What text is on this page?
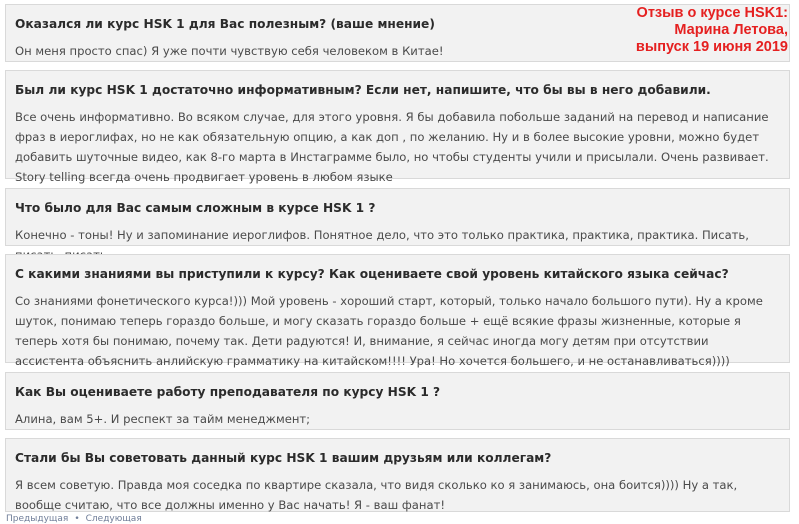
Оказался ли курс HSK 1 для Вас полезным? (ваше мнение)

Он меня просто спас) Я уже почти чувствую себя человеком в Китае!

Отзыв о курсе HSK1:
Марина Летова,
выпуск 19 июня 2019

Был ли курс HSK 1 достаточно информативным? Если нет, напишите, что бы вы в него добавили.

Все очень информативно. Во всяком случае, для этого уровня. Я бы добавила побольше заданий на перевод и написание фраз в иероглифах, но не как обязательную опцию, а как доп , по желанию. Ну и в более высокие уровни, можно будет добавить шуточные видео, как 8-го марта в Инстаграмме было, но чтобы студенты учили и присылали. Очень развивает. Story telling всегда очень продвигает уровень в любом языке

Что было для Вас самым сложным в курсе HSK 1 ?

Конечно - тоны! Ну и запоминание иероглифов. Понятное дело, что это только практика, практика, практика. Писать,

С какими знаниями вы приступили к курсу? Как оцениваете свой уровень китайского языка сейчас?

Со знаниями фонетического курса!))) Мой уровень - хороший старт, который, только начало большого пути). Ну а кроме шуток, понимаю теперь гораздо больше, и могу сказать гораздо больше + ещё всякие фразы жизненные, которые я теперь хотя бы понимаю, почему так. Дети радуются! И, внимание, я сейчас иногда могу детям при отсутствии ассистента объяснить анлийскую грамматику на китайском!!!! Ура! Но хочется большего, и не останавливаться))))

Как Вы оцениваете работу преподавателя по курсу HSK 1 ?

Алина, вам 5+. И респект за тайм менеджмент;

Стали бы Вы советовать данный курс HSK 1 вашим друзьям или коллегам?

Я всем советую. Правда моя соседка по квартире сказала, что видя сколько ко я занимаюсь, она боится)))) Ну а так, вообще считаю, что все должны именно у Вас начать! Я - ваш фанат!

Предыдущая • Следующая
